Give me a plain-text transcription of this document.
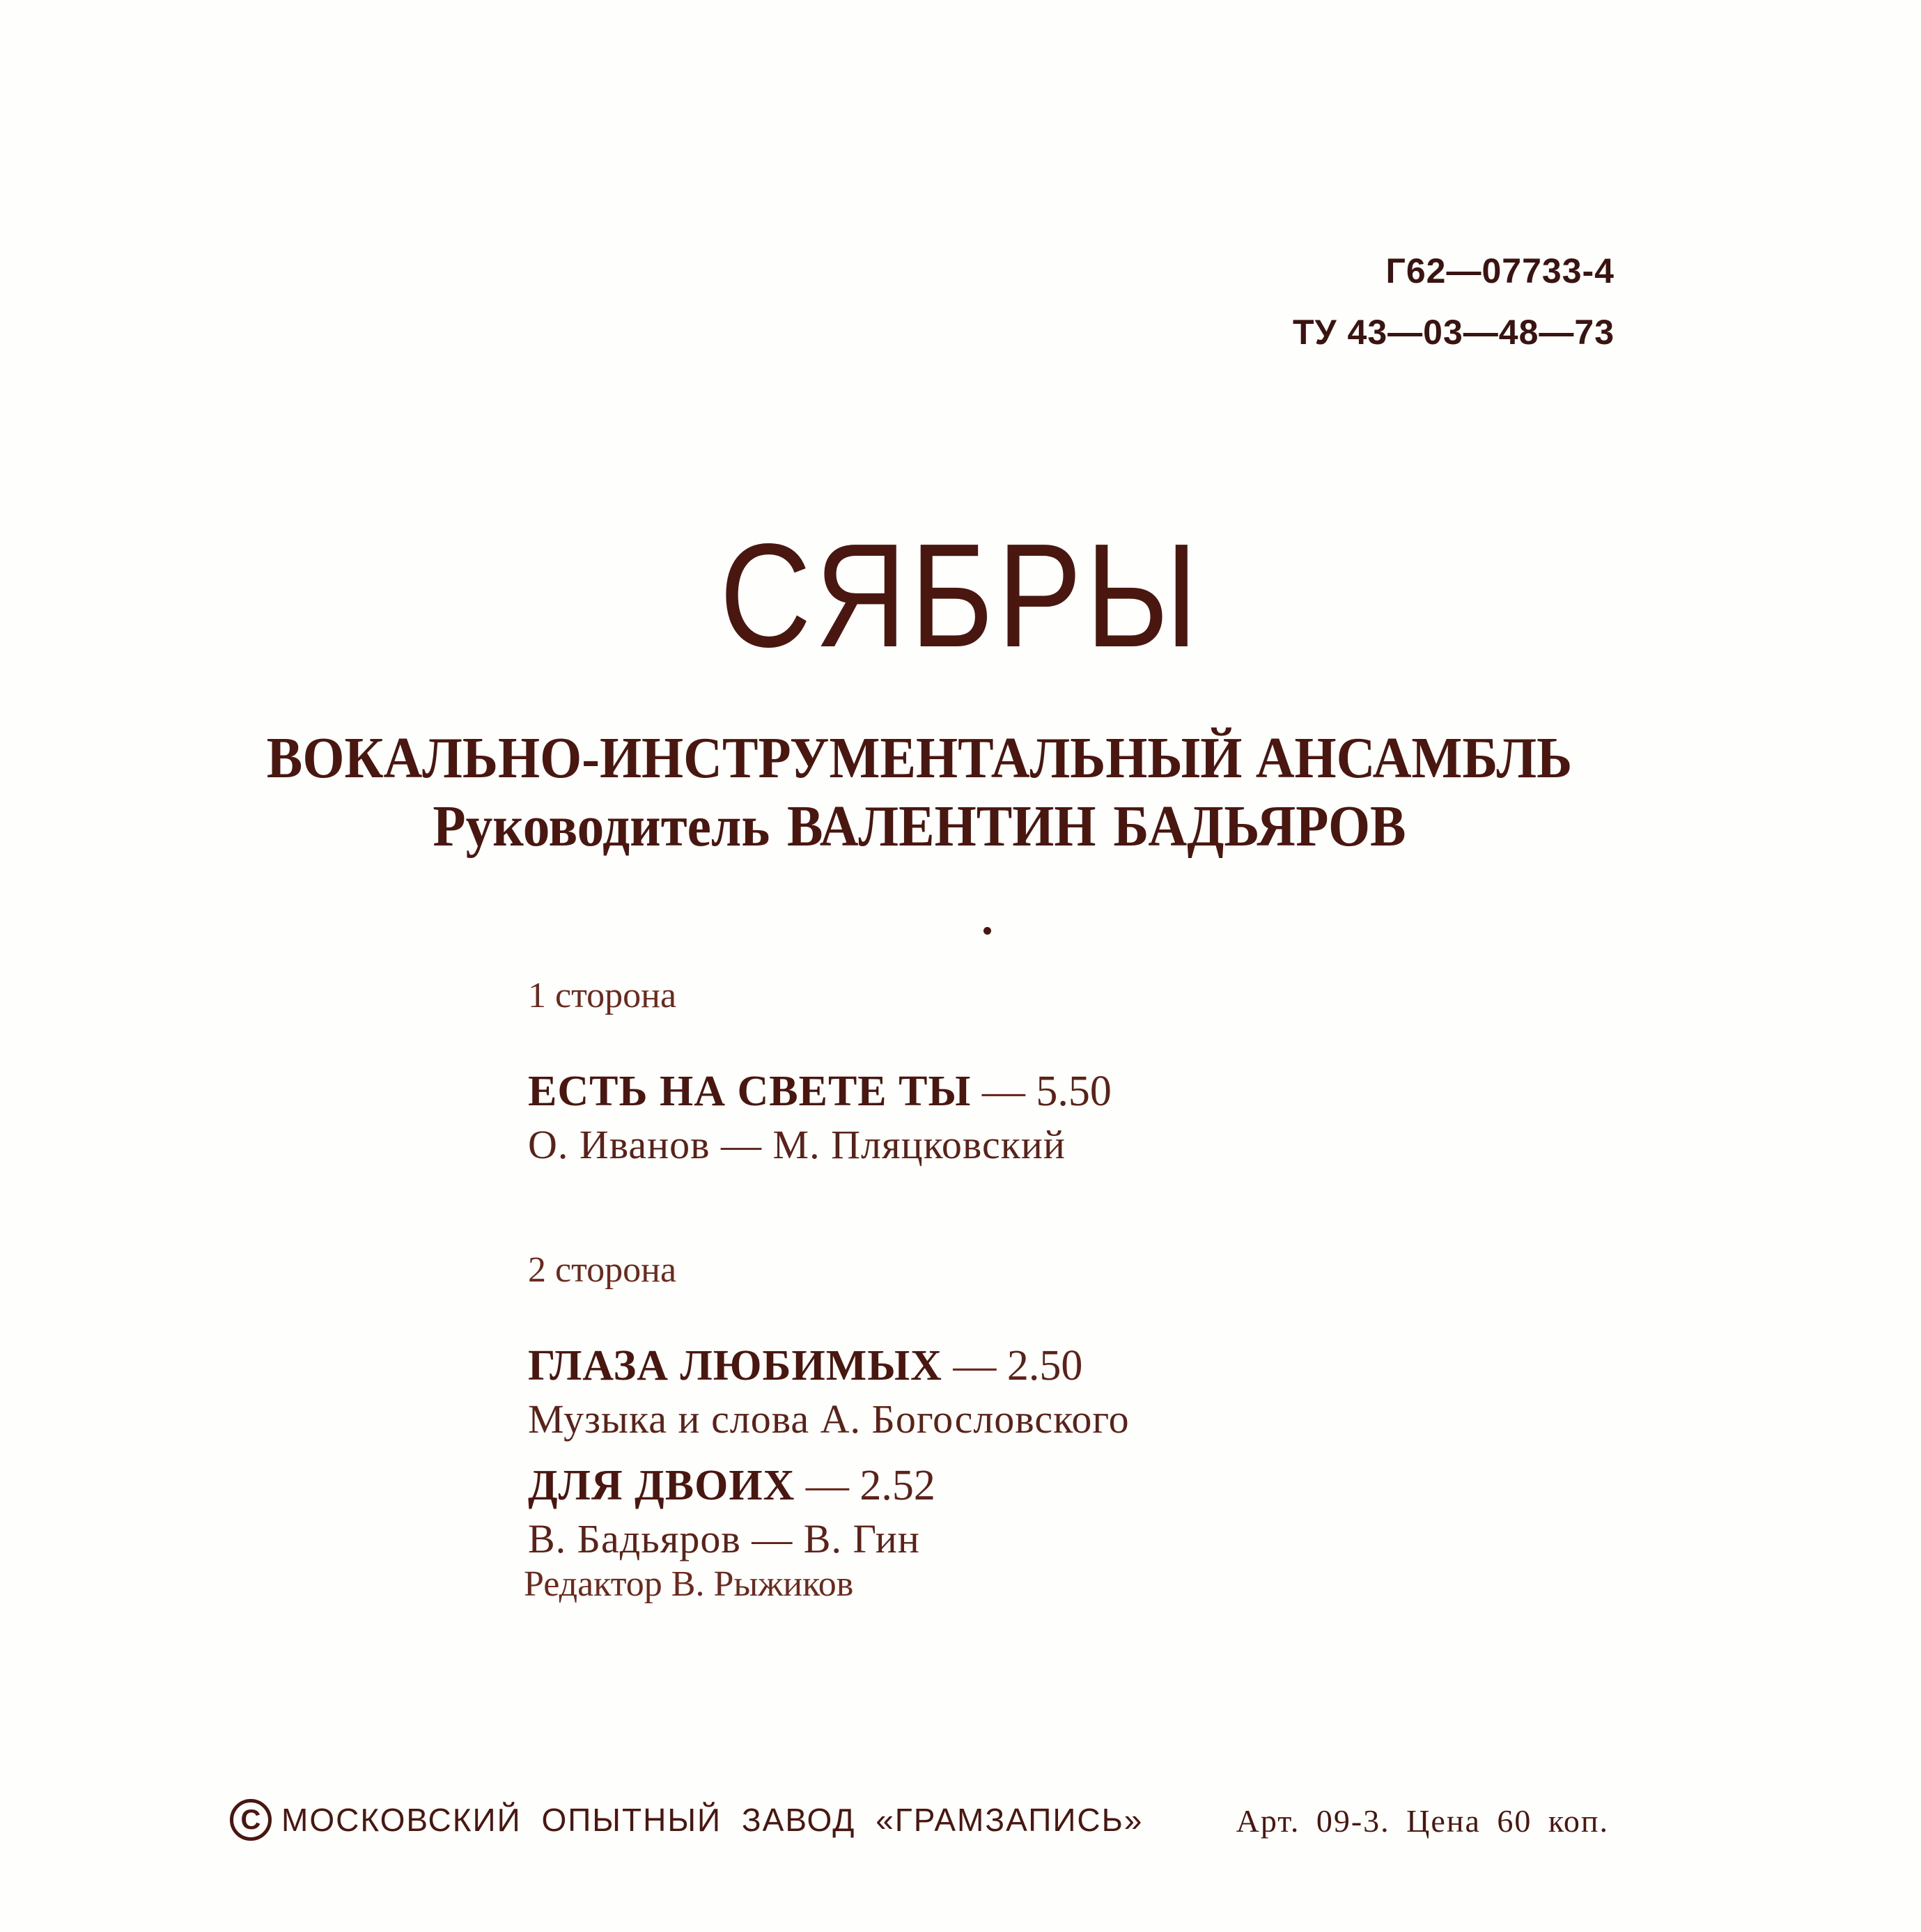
Г62—07733-4
ТУ 43—03—48—73
СЯБРЫ
ВОКАЛЬНО-ИНСТРУМЕНТАЛЬНЫЙ АНСАМБЛЬ
Руководитель ВАЛЕНТИН БАДЬЯРОВ

1 сторона

ЕСТЬ НА СВЕТЕ ТЫ — 5.50
О. Иванов — М. Пляцковский

2 сторона

ГЛАЗА ЛЮБИМЫХ — 2.50
Музыка и слова А. Богословского
ДЛЯ ДВОИХ — 2.52
В. Бадьяров — В. Гин
Редактор В. Рыжиков
C МОСКОВСКИЙ ОПЫТНЫЙ ЗАВОД «ГРАМЗАПИСЬ»	Арт. 09-3. Цена 60 коп.
